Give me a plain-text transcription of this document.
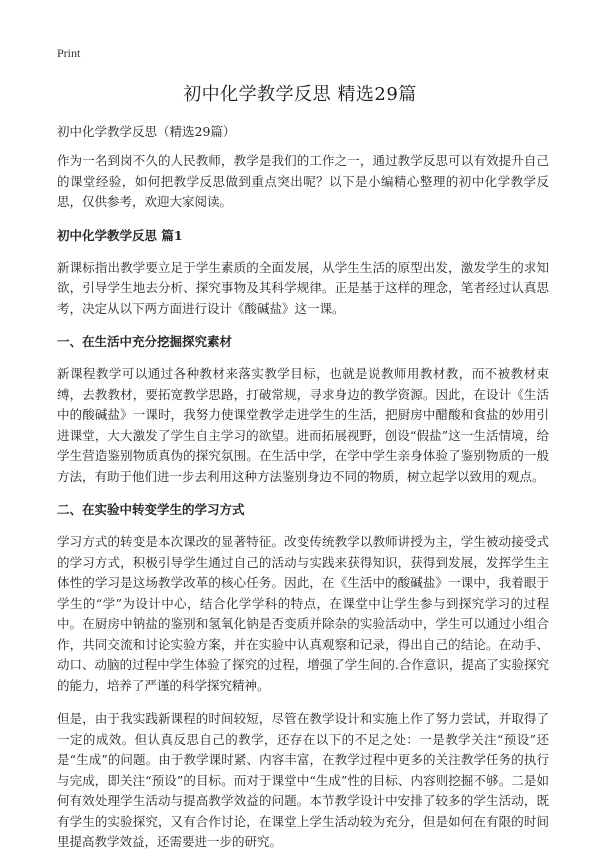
Print
初中化学教学反思 精选29篇

初中化学教学反思（精选29篇）

作为一名到岗不久的人民教师，教学是我们的工作之一，通过教学反思可以有效提升自己的课堂经验，如何把教学反思做到重点突出呢？以下是小编精心整理的初中化学教学反思，仅供参考，欢迎大家阅读。

初中化学教学反思 篇1

新课标指出教学要立足于学生素质的全面发展，从学生生活的原型出发，激发学生的求知欲，引导学生地去分析、探究事物及其科学规律。正是基于这样的理念，笔者经过认真思考，决定从以下两方面进行设计《酸碱盐》这一课。

一、在生活中充分挖掘探究素材

新课程教学可以通过各种教材来落实教学目标，也就是说教师用教材教，而不被教材束缚，去教教材，要拓宽教学思路，打破常规，寻求身边的教学资源。因此，在设计《生活中的酸碱盐》一课时，我努力使课堂教学走进学生的生活，把厨房中醋酸和食盐的妙用引进课堂，大大激发了学生自主学习的欲望。进而拓展视野，创设“假盐”这一生活情境，给学生营造鉴别物质真伪的探究氛围。在生活中学，在学中学生亲身体验了鉴别物质的一般方法，有助于他们进一步去利用这种方法鉴别身边不同的物质，树立起学以致用的观点。

二、在实验中转变学生的学习方式

学习方式的转变是本次课改的显著特征。改变传统教学以教师讲授为主，学生被动接受式的学习方式，积极引导学生通过自己的活动与实践来获得知识，获得到发展，发挥学生主体性的学习是这场教学改革的核心任务。因此，在《生活中的酸碱盐》一课中，我着眼于学生的“学”为设计中心，结合化学学科的特点，在课堂中让学生参与到探究学习的过程中。在厨房中钠盐的鉴别和氢氧化钠是否变质并除杂的实验活动中，学生可以通过小组合作，共同交流和讨论实验方案，并在实验中认真观察和记录，得出自己的结论。在动手、动口、动脑的过程中学生体验了探究的过程，增强了学生间的.合作意识，提高了实验探究的能力，培养了严谨的科学探究精神。

但是，由于我实践新课程的时间较短，尽管在教学设计和实施上作了努力尝试，并取得了一定的成效。但认真反思自己的教学，还存在以下的不足之处：一是教学关注“预设”还是“生成”的问题。由于教学课时紧、内容丰富，在教学过程中更多的关注教学任务的执行与完成，即关注“预设”的目标。而对于课堂中“生成”性的目标、内容则挖掘不够。二是如何有效处理学生活动与提高教学效益的问题。本节教学设计中安排了较多的学生活动，既有学生的实验探究，又有合作讨论，在课堂上学生活动较为充分，但是如何在有限的时间里提高教学效益，还需要进一步的研究。
